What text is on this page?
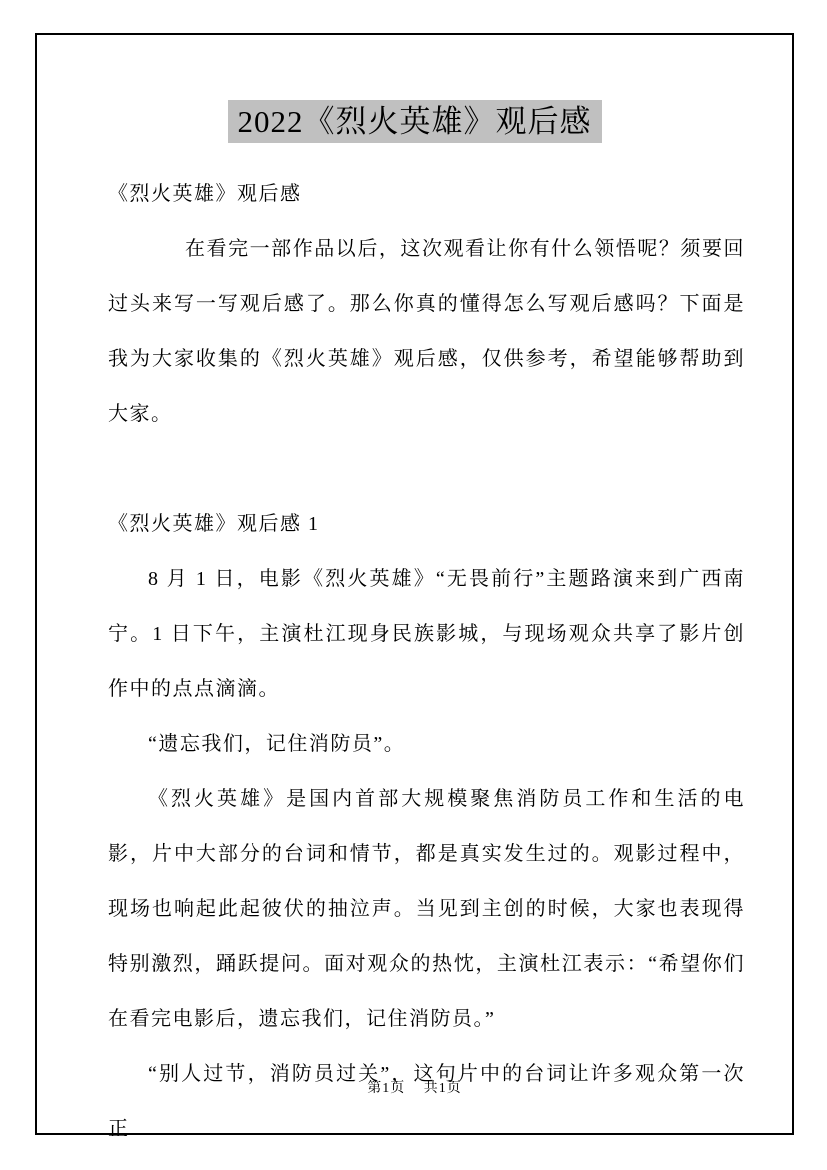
2022《烈火英雄》观后感

《烈火英雄》观后感

在看完一部作品以后，这次观看让你有什么领悟呢？须要回过头来写一写观后感了。那么你真的懂得怎么写观后感吗？下面是我为大家收集的《烈火英雄》观后感，仅供参考，希望能够帮助到大家。

《烈火英雄》观后感 1

8 月 1 日，电影《烈火英雄》“无畏前行”主题路演来到广西南宁。1 日下午，主演杜江现身民族影城，与现场观众共享了影片创作中的点点滴滴。

“遗忘我们，记住消防员”。

《烈火英雄》是国内首部大规模聚焦消防员工作和生活的电影，片中大部分的台词和情节，都是真实发生过的。观影过程中，现场也响起此起彼伏的抽泣声。当见到主创的时候，大家也表现得特别激烈，踊跃提问。面对观众的热忱，主演杜江表示：“希望你们在看完电影后，遗忘我们，记住消防员。”

“别人过节，消防员过关”，这句片中的台词让许多观众第一次正

第1页 共1页
